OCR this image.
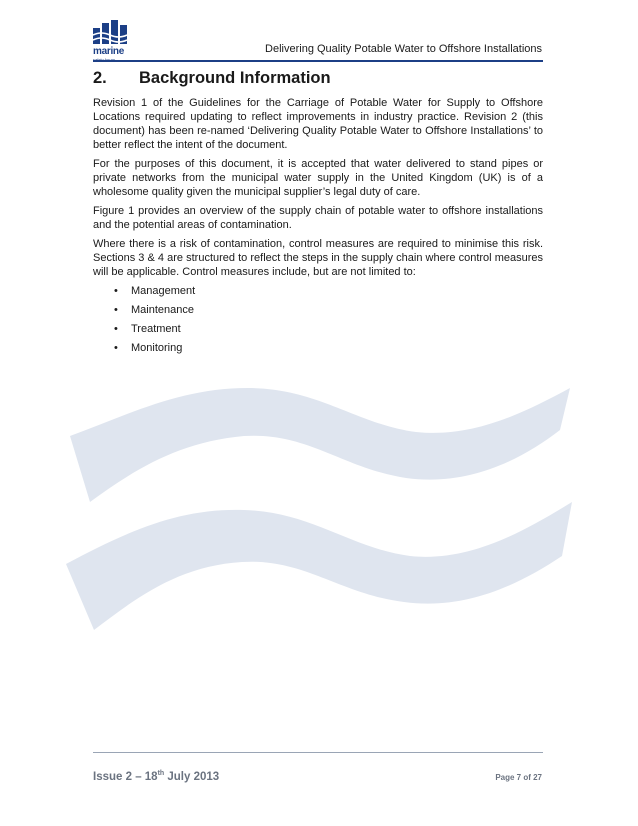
marine
safety forum
Delivering Quality Potable Water to Offshore Installations
2. Background Information

Revision 1 of the Guidelines for the Carriage of Potable Water for Supply to Offshore Locations required updating to reflect improvements in industry practice. Revision 2 (this document) has been re-named ‘Delivering Quality Potable Water to Offshore Installations’ to better reflect the intent of the document.

For the purposes of this document, it is accepted that water delivered to stand pipes or private networks from the municipal water supply in the United Kingdom (UK) is of a wholesome quality given the municipal supplier’s legal duty of care.

Figure 1 provides an overview of the supply chain of potable water to offshore installations and the potential areas of contamination.

Where there is a risk of contamination, control measures are required to minimise this risk. Sections 3 & 4 are structured to reflect the steps in the supply chain where control measures will be applicable. Control measures include, but are not limited to:

• Management
• Maintenance
• Treatment
• Monitoring
Issue 2 – 18th July 2013	Page 7 of 27
